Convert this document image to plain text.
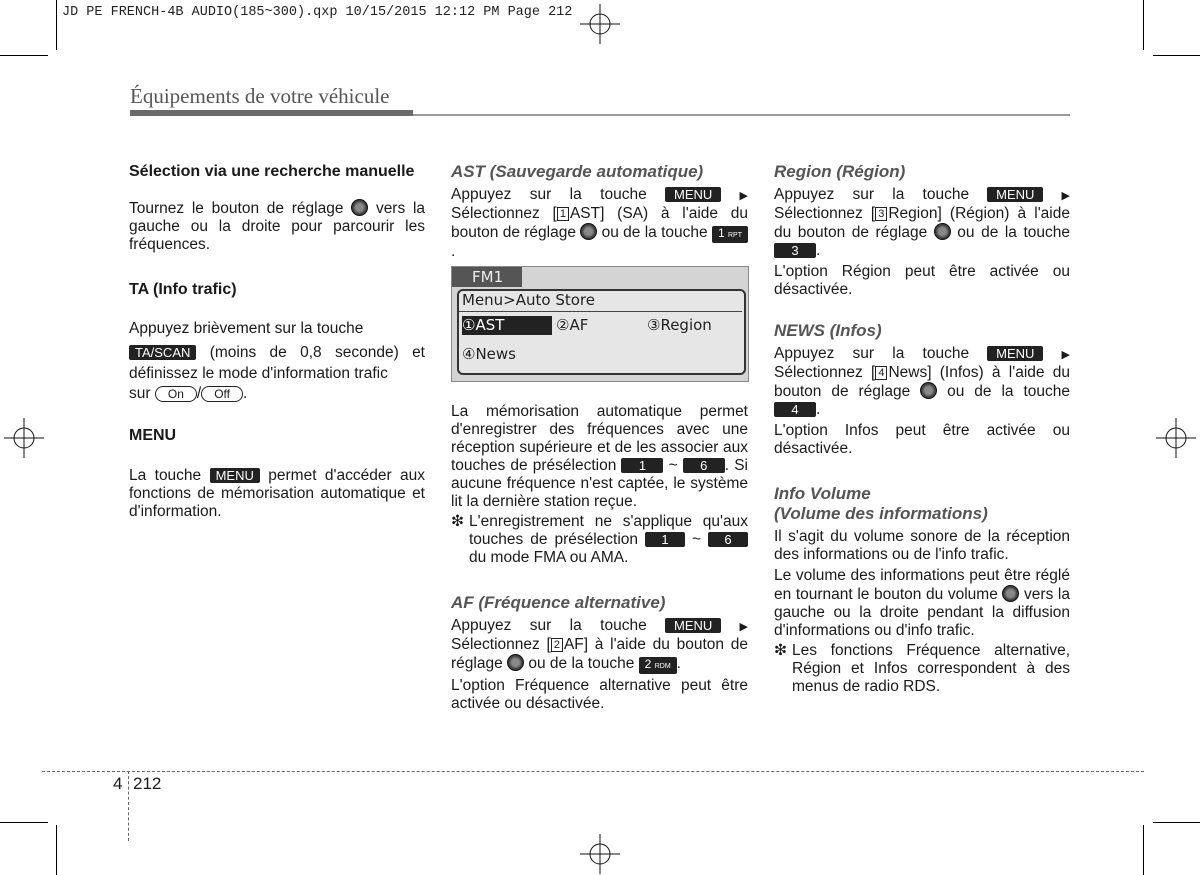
JD PE FRENCH-4B AUDIO(185~300).qxp 10/15/2015 12:12 PM Page 212
Équipements de votre véhicule
Sélection via une recherche manuelle

Tournez le bouton de réglage vers la gauche ou la droite pour parcourir les fréquences.

TA (Info trafic)

Appuyez brièvement sur la touche

TA/SCAN (moins de 0,8 seconde) et définissez le mode d'information trafic

sur On / Off .

MENU

La touche MENU permet d'accéder aux fonctions de mémorisation automatique et d'information.

AST (Sauvegarde automatique)

Appuyez sur la touche MENU ▶ Sélectionnez [ 1 AST] (SA) à l'aide du bouton de réglage ou de la touche 1 RPT.

FM1
Menu>Auto Store
①AST	②AF	③Region
④News

La mémorisation automatique permet d'enregistrer des fréquences avec une réception supérieure et de les associer aux touches de présélection 1 ~ 6 . Si aucune fréquence n'est captée, le système lit la dernière station reçue.

❇ L'enregistrement ne s'applique qu'aux touches de présélection 1 ~ 6 du mode FMA ou AMA.

AF (Fréquence alternative)

Appuyez sur la touche MENU ▶ Sélectionnez [ 2 AF] à l'aide du bouton de réglage ou de la touche 2 RDM .

L'option Fréquence alternative peut être activée ou désactivée.

Region (Région)

Appuyez sur la touche MENU ▶ Sélectionnez [ 3 Region] (Région) à l'aide du bouton de réglage ou de la touche 3 .

L'option Région peut être activée ou désactivée.

NEWS (Infos)

Appuyez sur la touche MENU ▶ Sélectionnez [ 4 News] (Infos) à l'aide du bouton de réglage ou de la touche 4 .

L'option Infos peut être activée ou désactivée.

Info Volume
(Volume des informations)

Il s'agit du volume sonore de la réception des informations ou de l'info trafic.

Le volume des informations peut être réglé en tournant le bouton du volume vers la gauche ou la droite pendant la diffusion d'informations ou d'info trafic.

❇ Les fonctions Fréquence alternative, Région et Infos correspondent à des menus de radio RDS.

4 212
